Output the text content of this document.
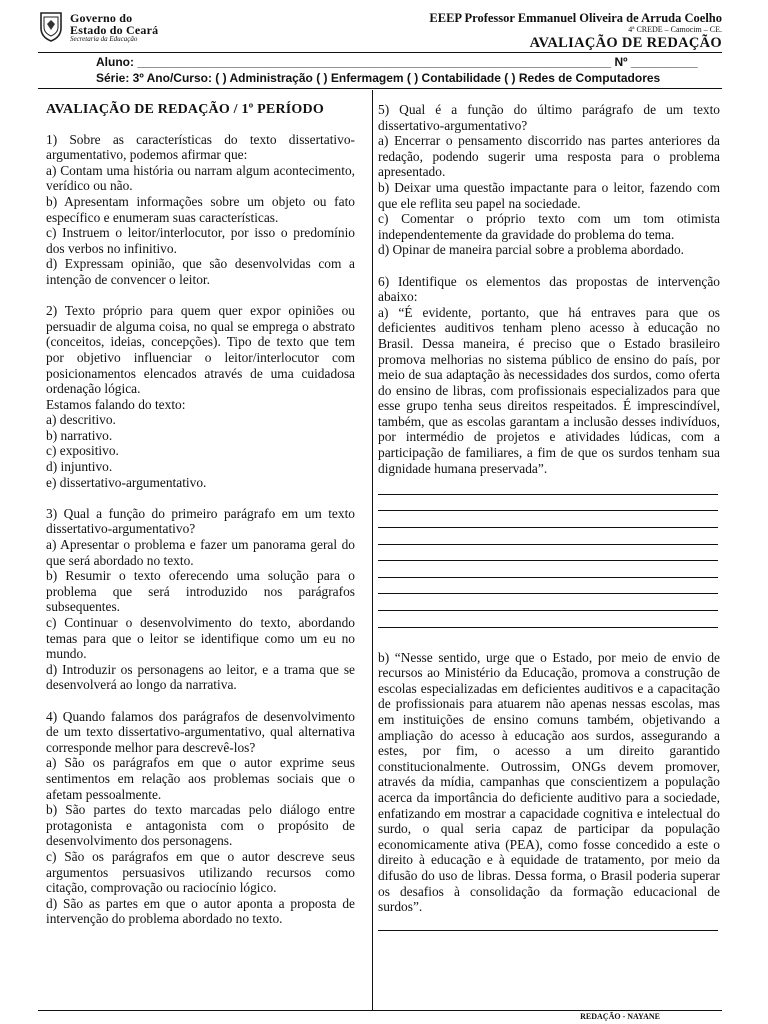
Governo do
Estado do Ceará
Secretaria da Educação
EEEP Professor Emmanuel Oliveira de Arruda Coelho
4ª CREDE – Camocim – CE.
AVALIAÇÃO DE REDAÇÃO
Aluno: _______________________________________________________________________ Nº __________
Série: 3º Ano/Curso: ( ) Administração ( ) Enfermagem ( ) Contabilidade ( ) Redes de Computadores

AVALIAÇÃO DE REDAÇÃO / 1º PERÍODO

1) Sobre as características do texto dissertativo-argumentativo, podemos afirmar que:

a) Contam uma história ou narram algum acontecimento, verídico ou não.

b) Apresentam informações sobre um objeto ou fato específico e enumeram suas características.

c) Instruem o leitor/interlocutor, por isso o predomínio dos verbos no infinitivo.

d) Expressam opinião, que são desenvolvidas com a intenção de convencer o leitor.

2) Texto próprio para quem quer expor opiniões ou persuadir de alguma coisa, no qual se emprega o abstrato (conceitos, ideias, concepções). Tipo de texto que tem por objetivo influenciar o leitor/interlocutor com posicionamentos elencados através de uma cuidadosa ordenação lógica.

Estamos falando do texto:

a) descritivo.

b) narrativo.

c) expositivo.

d) injuntivo.

e) dissertativo-argumentativo.

3) Qual a função do primeiro parágrafo em um texto dissertativo-argumentativo?

a) Apresentar o problema e fazer um panorama geral do que será abordado no texto.

b) Resumir o texto oferecendo uma solução para o problema que será introduzido nos parágrafos subsequentes.

c) Continuar o desenvolvimento do texto, abordando temas para que o leitor se identifique como um eu no mundo.

d) Introduzir os personagens ao leitor, e a trama que se desenvolverá ao longo da narrativa.

4) Quando falamos dos parágrafos de desenvolvimento de um texto dissertativo-argumentativo, qual alternativa corresponde melhor para descrevê-los?

a) São os parágrafos em que o autor exprime seus sentimentos em relação aos problemas sociais que o afetam pessoalmente.

b) São partes do texto marcadas pelo diálogo entre protagonista e antagonista com o propósito de desenvolvimento dos personagens.

c) São os parágrafos em que o autor descreve seus argumentos persuasivos utilizando recursos como citação, comprovação ou raciocínio lógico.

d) São as partes em que o autor aponta a proposta de intervenção do problema abordado no texto.

5) Qual é a função do último parágrafo de um texto dissertativo-argumentativo?

a) Encerrar o pensamento discorrido nas partes anteriores da redação, podendo sugerir uma resposta para o problema apresentado.

b) Deixar uma questão impactante para o leitor, fazendo com que ele reflita seu papel na sociedade.

c) Comentar o próprio texto com um tom otimista independentemente da gravidade do problema do tema.

d) Opinar de maneira parcial sobre a problema abordado.

6) Identifique os elementos das propostas de intervenção abaixo:

a) “É evidente, portanto, que há entraves para que os deficientes auditivos tenham pleno acesso à educação no Brasil. Dessa maneira, é preciso que o Estado brasileiro promova melhorias no sistema público de ensino do país, por meio de sua adaptação às necessidades dos surdos, como oferta do ensino de libras, com profissionais especializados para que esse grupo tenha seus direitos respeitados. É imprescindível, também, que as escolas garantam a inclusão desses indivíduos, por intermédio de projetos e atividades lúdicas, com a participação de familiares, a fim de que os surdos tenham sua dignidade humana preservada”.

b) “Nesse sentido, urge que o Estado, por meio de envio de recursos ao Ministério da Educação, promova a construção de escolas especializadas em deficientes auditivos e a capacitação de profissionais para atuarem não apenas nessas escolas, mas em instituições de ensino comuns também, objetivando a ampliação do acesso à educação aos surdos, assegurando a estes, por fim, o acesso a um direito garantido constitucionalmente. Outrossim, ONGs devem promover, através da mídia, campanhas que conscientizem a população acerca da importância do deficiente auditivo para a sociedade, enfatizando em mostrar a capacidade cognitiva e intelectual do surdo, o qual seria capaz de participar da população economicamente ativa (PEA), como fosse concedido a este o direito à educação e à equidade de tratamento, por meio da difusão do uso de libras. Dessa forma, o Brasil poderia superar os desafios à consolidação da formação educacional de surdos”.

REDAÇÃO - NAYANE
